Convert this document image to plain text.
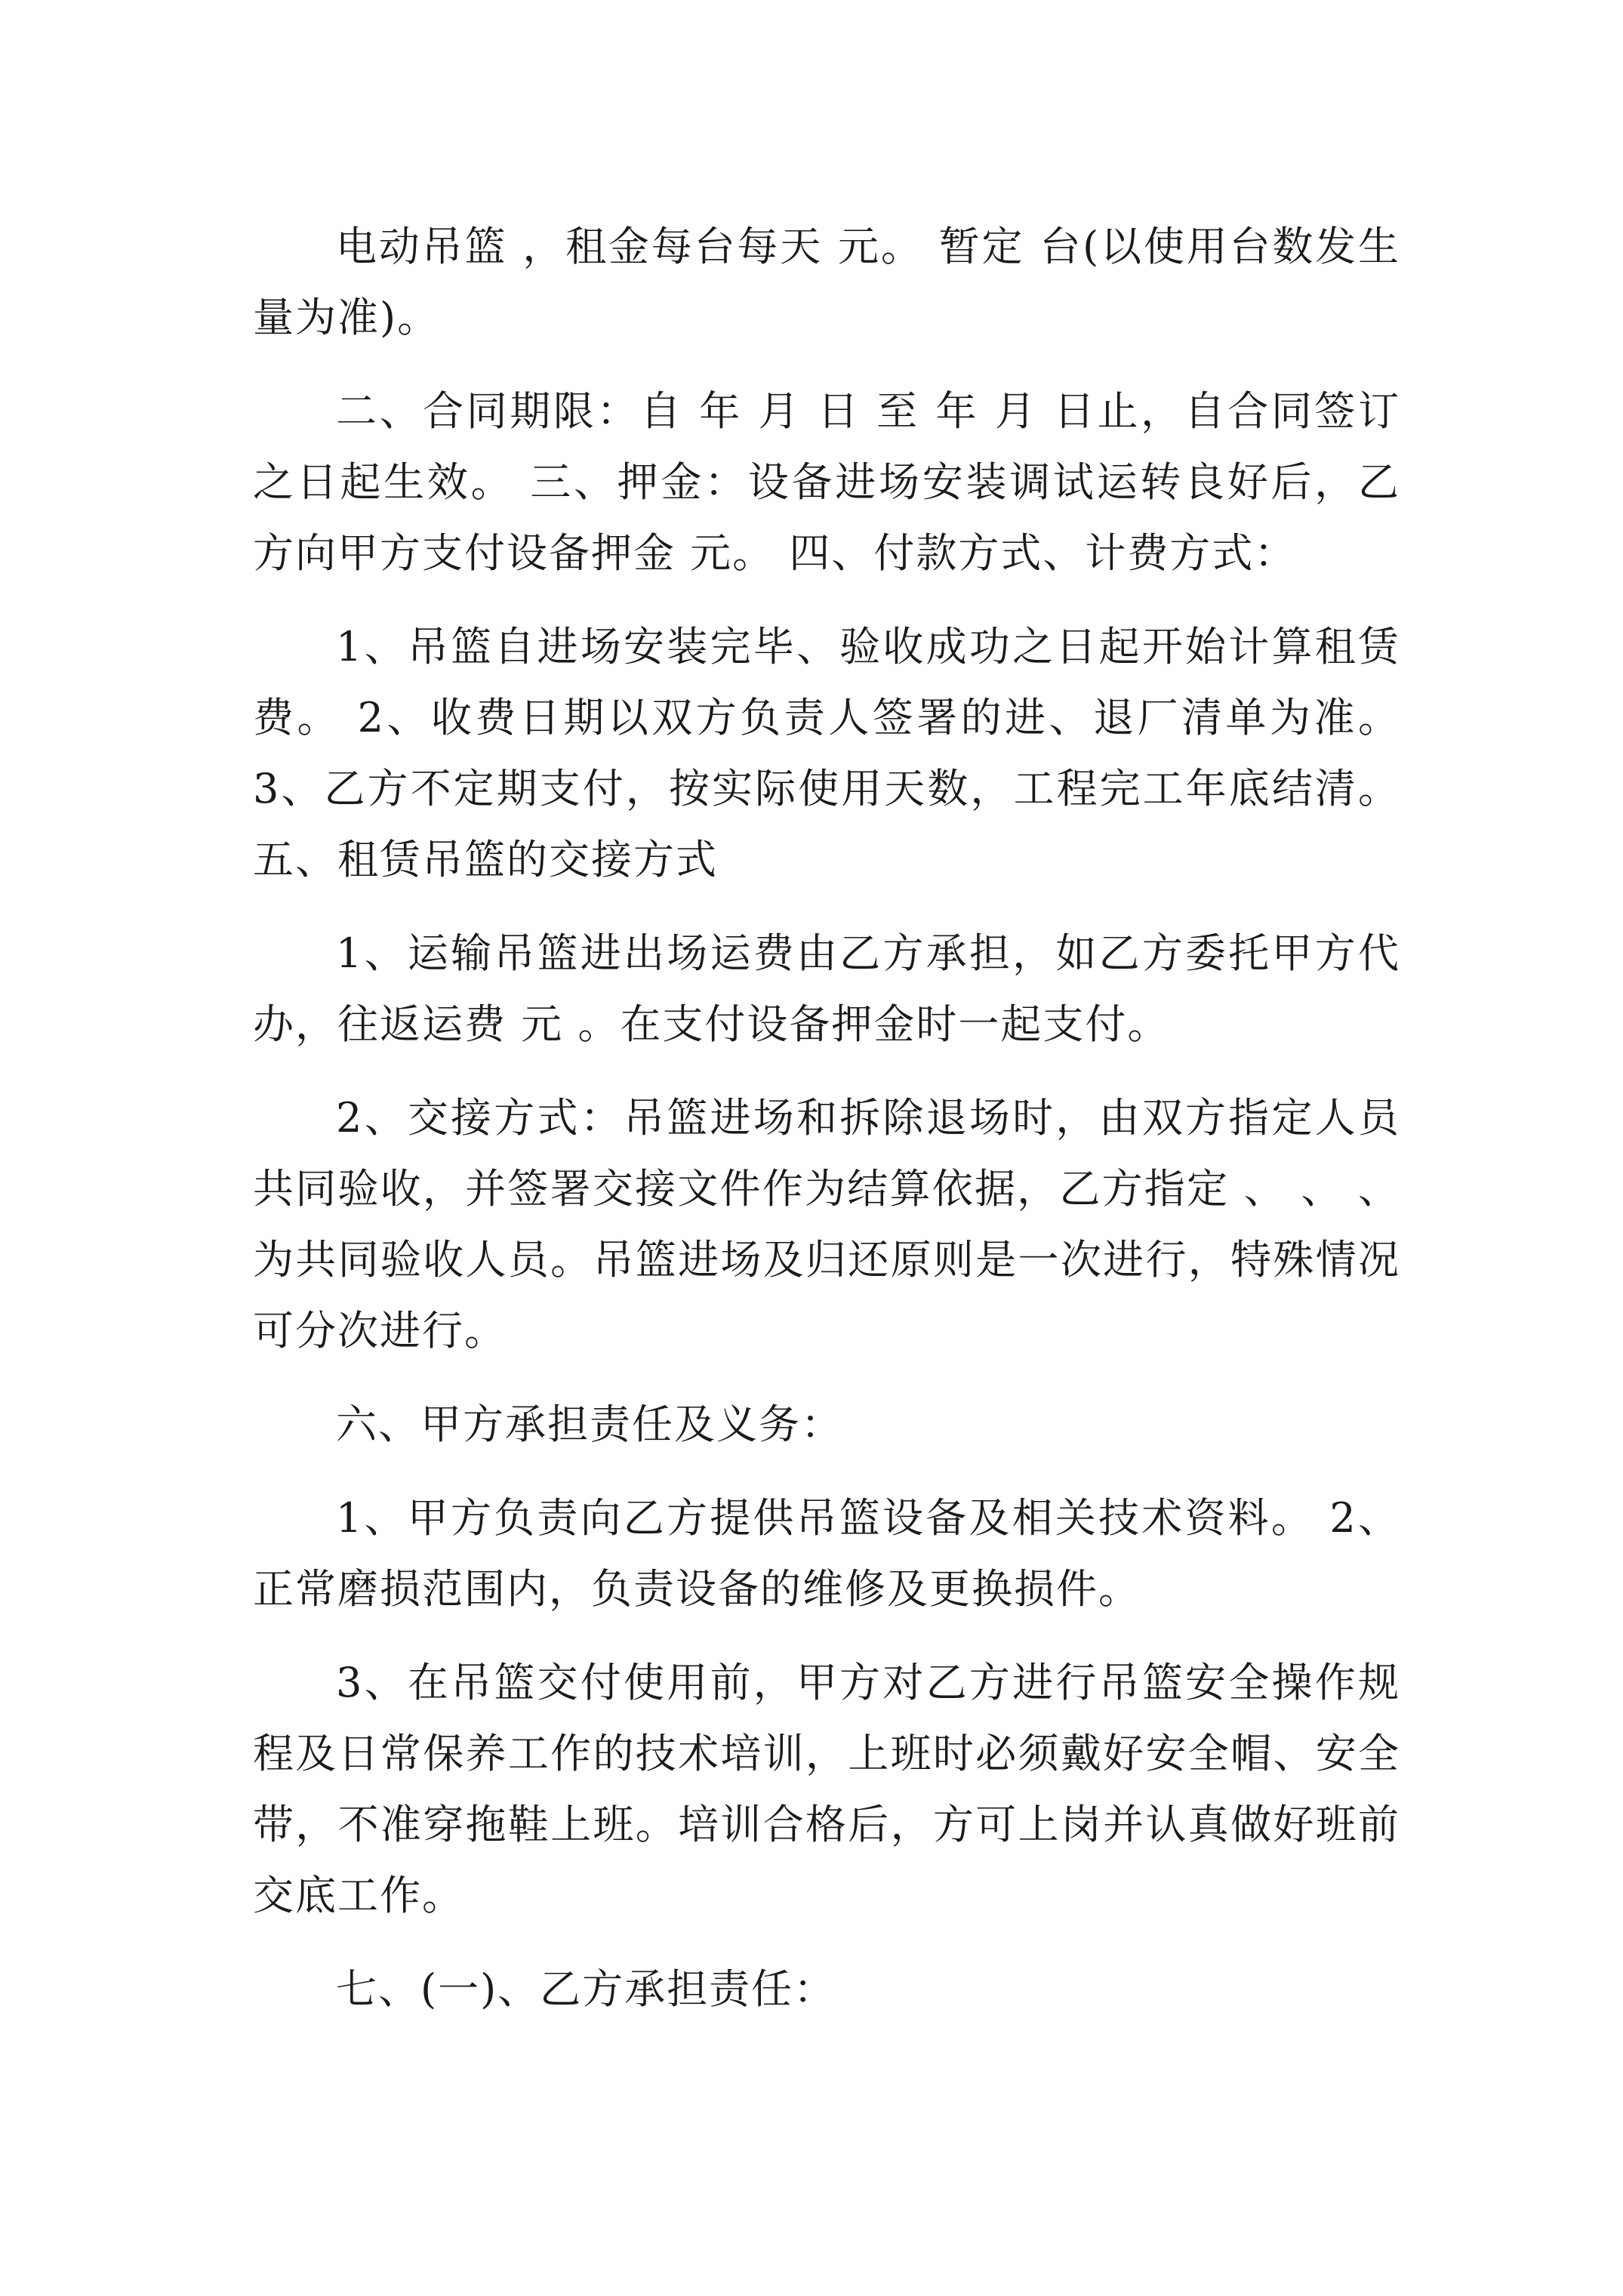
电动吊篮 ，租金每台每天 元。 暂定 台(以使用台数发生量为准)。

二、合同期限：自 年 月 日 至 年 月 日止，自合同签订之日起生效。 三、押金：设备进场安装调试运转良好后，乙方向甲方支付设备押金 元。 四、付款方式、计费方式：

1、吊篮自进场安装完毕、验收成功之日起开始计算租赁费。 2、收费日期以双方负责人签署的进、退厂清单为准。3、乙方不定期支付，按实际使用天数，工程完工年底结清。五、租赁吊篮的交接方式

1、运输吊篮进出场运费由乙方承担，如乙方委托甲方代办，往返运费 元 。在支付设备押金时一起支付。

2、交接方式：吊篮进场和拆除退场时，由双方指定人员共同验收，并签署交接文件作为结算依据，乙方指定 、 、 、 为共同验收人员。吊篮进场及归还原则是一次进行，特殊情况可分次进行。

六、甲方承担责任及义务：

1、甲方负责向乙方提供吊篮设备及相关技术资料。 2、正常磨损范围内，负责设备的维修及更换损件。

3、在吊篮交付使用前，甲方对乙方进行吊篮安全操作规程及日常保养工作的技术培训，上班时必须戴好安全帽、安全带，不准穿拖鞋上班。培训合格后，方可上岗并认真做好班前交底工作。

七、(一)、乙方承担责任：
